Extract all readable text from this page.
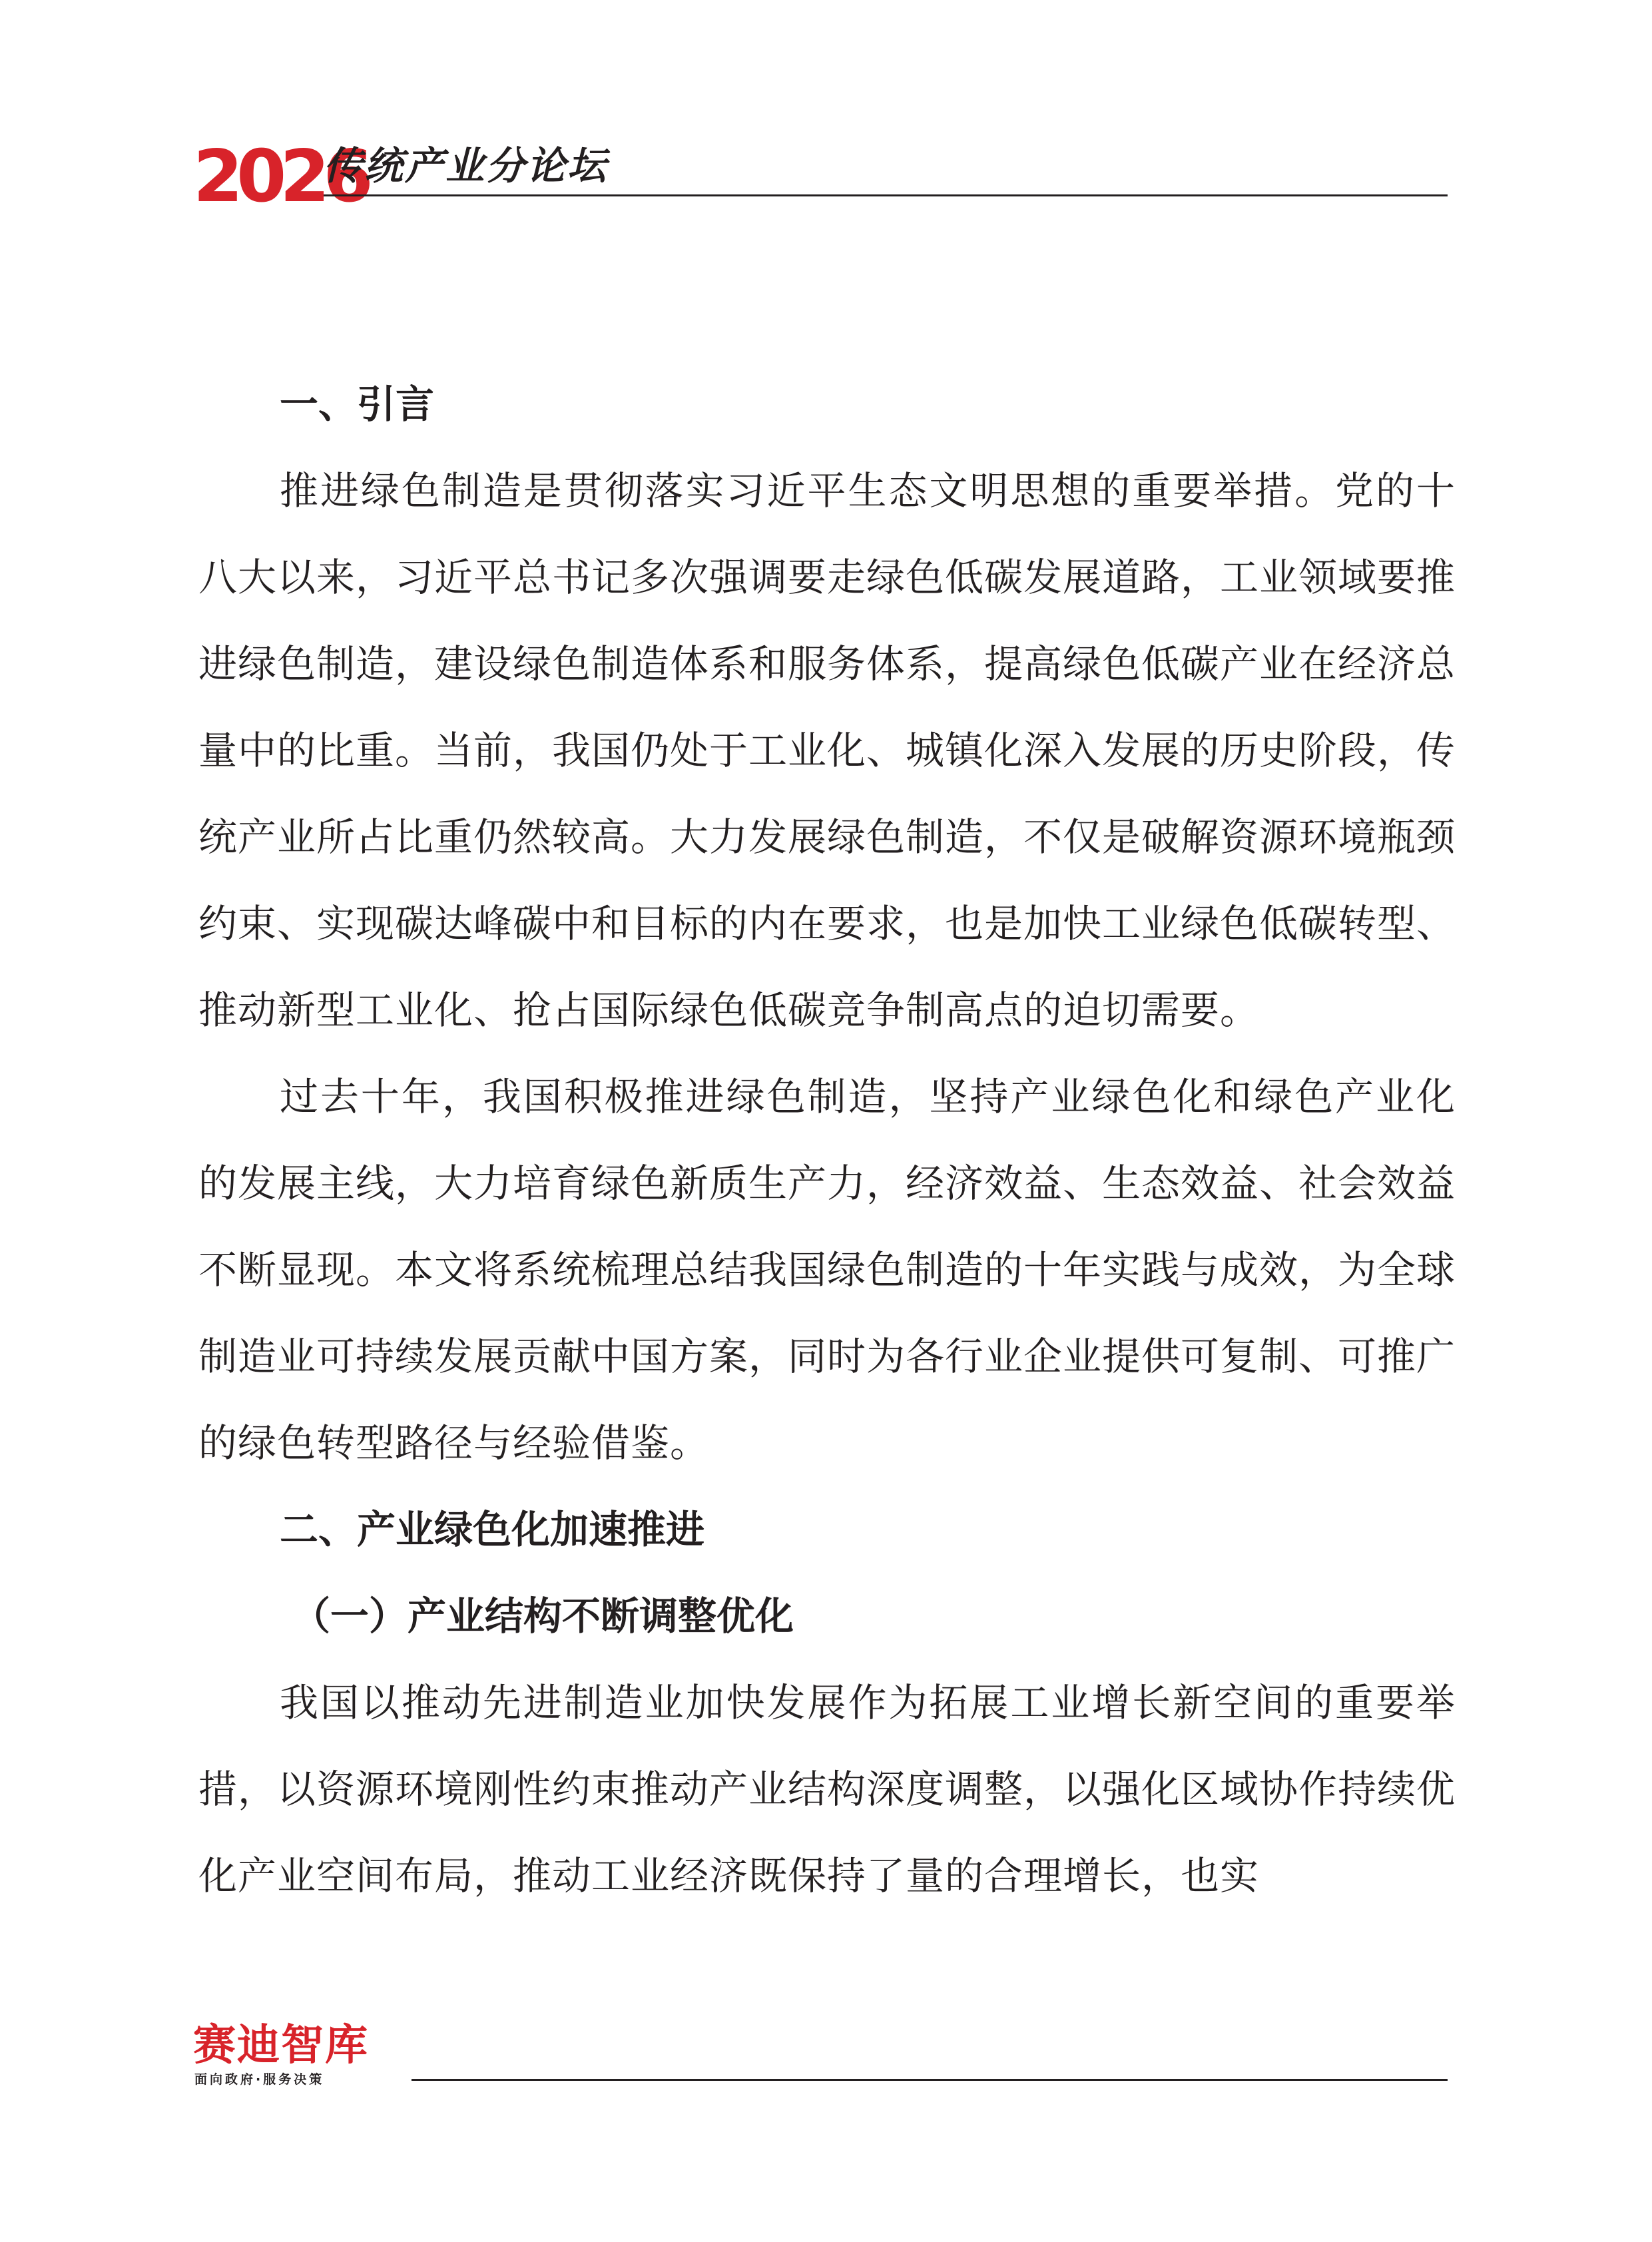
2026
传统产业分论坛
一、引言

推进绿色制造是贯彻落实习近平生态文明思想的重要举措。党的十八大以来，习近平总书记多次强调要走绿色低碳发展道路，工业领域要推进绿色制造，建设绿色制造体系和服务体系，提高绿色低碳产业在经济总量中的比重。当前，我国仍处于工业化、城镇化深入发展的历史阶段，传统产业所占比重仍然较高。大力发展绿色制造，不仅是破解资源环境瓶颈约束、实现碳达峰碳中和目标的内在要求，也是加快工业绿色低碳转型、推动新型工业化、抢占国际绿色低碳竞争制高点的迫切需要。

过去十年，我国积极推进绿色制造，坚持产业绿色化和绿色产业化的发展主线，大力培育绿色新质生产力，经济效益、生态效益、社会效益不断显现。本文将系统梳理总结我国绿色制造的十年实践与成效，为全球制造业可持续发展贡献中国方案，同时为各行业企业提供可复制、可推广的绿色转型路径与经验借鉴。

二、产业绿色化加速推进
（一）产业结构不断调整优化

我国以推动先进制造业加快发展作为拓展工业增长新空间的重要举措，以资源环境刚性约束推动产业结构深度调整，以强化区域协作持续优化产业空间布局，推动工业经济既保持了量的合理增长，也实

赛迪智库
面向政府·服务决策
